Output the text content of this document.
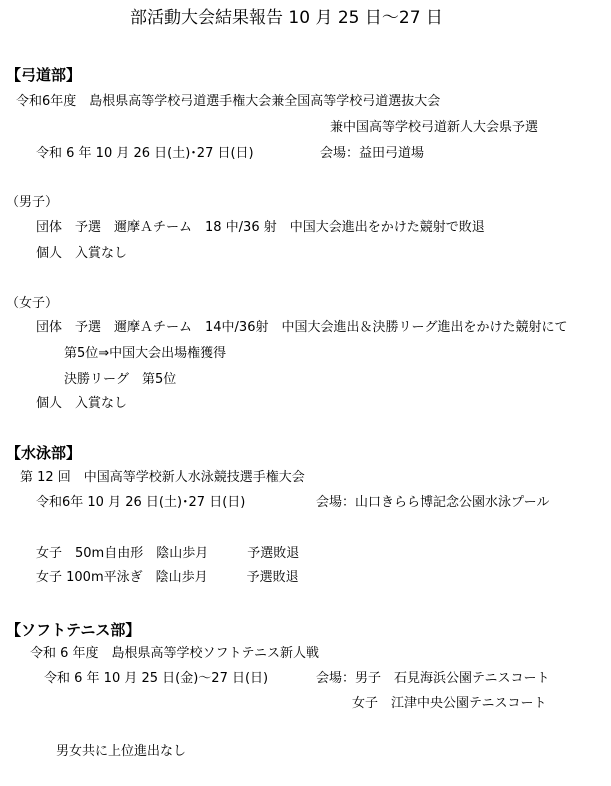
部活動大会結果報告 10 月 25 日～27 日
【弓道部】
令和6年度　島根県高等学校弓道選手権大会兼全国高等学校弓道選抜大会
兼中国高等学校弓道新人大会県予選
令和 6 年 10 月 26 日(土)･27 日(日)	会場：益田弓道場
（男子）
団体　予選　邇摩Ａチーム　18 中/36 射　中国大会進出をかけた競射で敗退
個人　入賞なし
（女子）
団体　予選　邇摩Ａチーム　14中/36射　中国大会進出＆決勝リーグ進出をかけた競射にて
第5位⇒中国大会出場権獲得
決勝リーグ　第5位
個人　入賞なし
【水泳部】
第 12 回　中国高等学校新人水泳競技選手権大会
令和6年 10 月 26 日(土)･27 日(日)	会場：山口きらら博記念公園水泳プール
女子　50m自由形　陰山歩月　　　予選敗退
女子 100m平泳ぎ　陰山歩月　　　予選敗退
【ソフトテニス部】
令和 6 年度　島根県高等学校ソフトテニス新人戦
令和 6 年 10 月 25 日(金)～27 日(日)	会場：男子　石見海浜公園テニスコート
女子　江津中央公園テニスコート
男女共に上位進出なし
